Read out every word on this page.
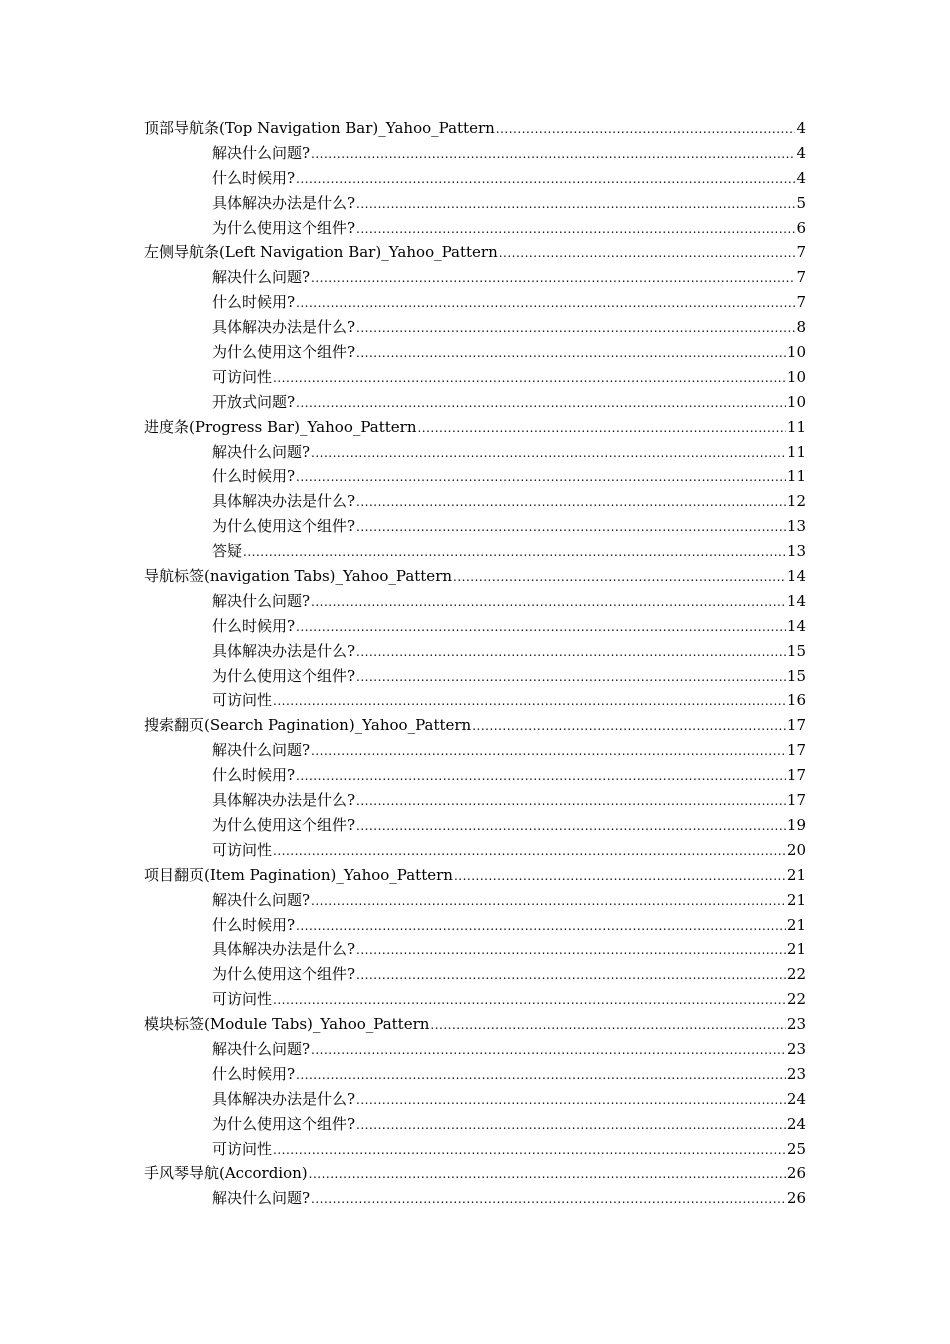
顶部导航条(Top Navigation Bar)_Yahoo_Pattern .....	4
解决什么问题? .....	4
什么时候用? .....	4
具体解决办法是什么? .....	5
为什么使用这个组件? .....	6
左侧导航条(Left Navigation Bar)_Yahoo_Pattern .....	7
解决什么问题? .....	7
什么时候用? .....	7
具体解决办法是什么? .....	8
为什么使用这个组件? .....	10
可访问性 .....	10
开放式问题? .....	10
进度条(Progress Bar)_Yahoo_Pattern .....	11
解决什么问题? .....	11
什么时候用? .....	11
具体解决办法是什么? .....	12
为什么使用这个组件? .....	13
答疑 .....	13
导航标签(navigation Tabs)_Yahoo_Pattern .....	14
解决什么问题? .....	14
什么时候用? .....	14
具体解决办法是什么? .....	15
为什么使用这个组件? .....	15
可访问性 .....	16
搜索翻页(Search Pagination)_Yahoo_Pattern .....	17
解决什么问题? .....	17
什么时候用? .....	17
具体解决办法是什么? .....	17
为什么使用这个组件? .....	19
可访问性 .....	20
项目翻页(Item Pagination)_Yahoo_Pattern .....	21
解决什么问题? .....	21
什么时候用? .....	21
具体解决办法是什么? .....	21
为什么使用这个组件? .....	22
可访问性 .....	22
模块标签(Module Tabs)_Yahoo_Pattern .....	23
解决什么问题? .....	23
什么时候用? .....	23
具体解决办法是什么? .....	24
为什么使用这个组件? .....	24
可访问性 .....	25
手风琴导航(Accordion) .....	26
解决什么问题? .....	26
